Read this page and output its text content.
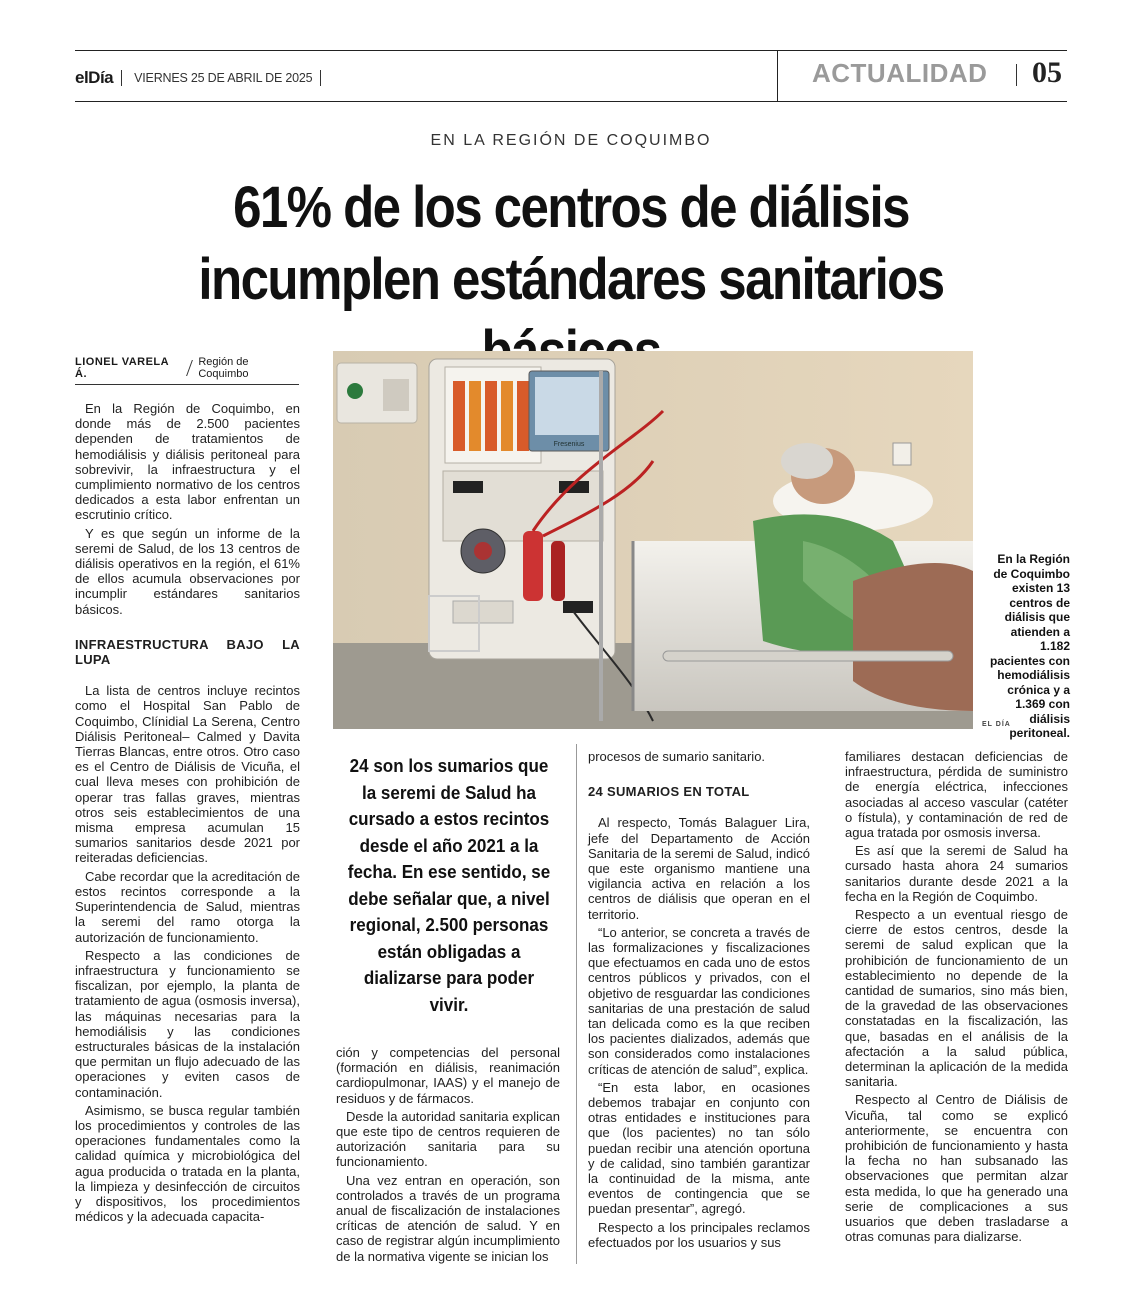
elDía VIERNES 25 DE ABRIL DE 2025	ACTUALIDAD 05
EN LA REGIÓN DE COQUIMBO
61% de los centros de diálisis incumplen estándares sanitarios
LIONEL VARELA Á.
Región de Coquimbo

En la Región de Coquimbo, en donde más de 2.500 pacientes dependen de tratamientos de hemodiálisis y diálisis peritoneal para sobrevivir, la infraestructura y el cumplimiento normativo de los centros dedicados a esta labor enfrentan un escrutinio crítico.

Y es que según un informe de la seremi de Salud, de los 13 centros de diálisis operativos en la región, el 61% de ellos acumula observaciones por incumplir estándares sanitarios básicos.

INFRAESTRUCTURA BAJO LA LUPA

La lista de centros incluye recintos como el Hospital San Pablo de Coquimbo, Clínidial La Serena, Centro Diálisis Peritoneal– Calmed y Davita Tierras Blancas, entre otros. Otro caso es el Centro de Diálisis de Vicuña, el cual lleva meses con prohibición de operar tras fallas graves, mientras otros seis establecimientos de una misma empresa acumulan 15 sumarios sanitarios desde 2021 por reiteradas deficiencias.

Cabe recordar que la acreditación de estos recintos corresponde a la Superintendencia de Salud, mientras la seremi del ramo otorga la autorización de funcionamiento.

Respecto a las condiciones de infraestructura y funcionamiento se fiscalizan, por ejemplo, la planta de tratamiento de agua (osmosis inversa), las máquinas necesarias para la hemodiálisis y las condiciones estructurales básicas de la instalación que permitan un flujo adecuado de las operaciones y eviten casos de contaminación.

Asimismo, se busca regular también los procedimientos y controles de las operaciones fundamentales como la calidad química y microbiológica del agua producida o tratada en la planta, la limpieza y desinfección de circuitos y dispositivos, los procedimientos médicos y la adecuada capacita-

Fresenius
En la Región de Coquimbo existen 13 centros de diálisis que atienden a 1.182 pacientes con hemodiálisis crónica y a 1.369 con diálisis peritoneal.
EL DÍA
24 son los sumarios que la seremi de Salud ha cursado a estos recintos desde el año 2021 a la fecha. En ese sentido, se debe señalar que, a nivel regional, 2.500 personas están obligadas a dializarse para poder vivir.

ción y competencias del personal (formación en diálisis, reanimación cardiopulmonar, IAAS) y el manejo de residuos y de fármacos.

Desde la autoridad sanitaria explican que este tipo de centros requieren de autorización sanitaria para su funcionamiento.

Una vez entran en operación, son controlados a través de un programa anual de fiscalización de instalaciones críticas de atención de salud. Y en caso de registrar algún incumplimiento de la normativa vigente se inician los

procesos de sumario sanitario.

24 SUMARIOS EN TOTAL

Al respecto, Tomás Balaguer Lira, jefe del Departamento de Acción Sanitaria de la seremi de Salud, indicó que este organismo mantiene una vigilancia activa en relación a los centros de diálisis que operan en el territorio.

“Lo anterior, se concreta a través de las formalizaciones y fiscalizaciones que efectuamos en cada uno de estos centros públicos y privados, con el objetivo de resguardar las condiciones sanitarias de una prestación de salud tan delicada como es la que reciben los pacientes dializados, además que son considerados como instalaciones críticas de atención de salud”, explica.

“En esta labor, en ocasiones debemos trabajar en conjunto con otras entidades e instituciones para que (los pacientes) no tan sólo puedan recibir una atención oportuna y de calidad, sino también garantizar la continuidad de la misma, ante eventos de contingencia que se puedan presentar”, agregó.

Respecto a los principales reclamos efectuados por los usuarios y sus

familiares destacan deficiencias de infraestructura, pérdida de suministro de energía eléctrica, infecciones asociadas al acceso vascular (catéter o fístula), y contaminación de red de agua tratada por osmosis inversa.

Es así que la seremi de Salud ha cursado hasta ahora 24 sumarios sanitarios durante desde 2021 a la fecha en la Región de Coquimbo.

Respecto a un eventual riesgo de cierre de estos centros, desde la seremi de salud explican que la prohibición de funcionamiento de un establecimiento no depende de la cantidad de sumarios, sino más bien, de la gravedad de las observaciones constatadas en la fiscalización, las que, basadas en el análisis de la afectación a la salud pública, determinan la aplicación de la medida sanitaria.

Respecto al Centro de Diálisis de Vicuña, tal como se explicó anteriormente, se encuentra con prohibición de funcionamiento y hasta la fecha no han subsanado las observaciones que permitan alzar esta medida, lo que ha generado una serie de complicaciones a sus usuarios que deben trasladarse a otras comunas para dializarse.
